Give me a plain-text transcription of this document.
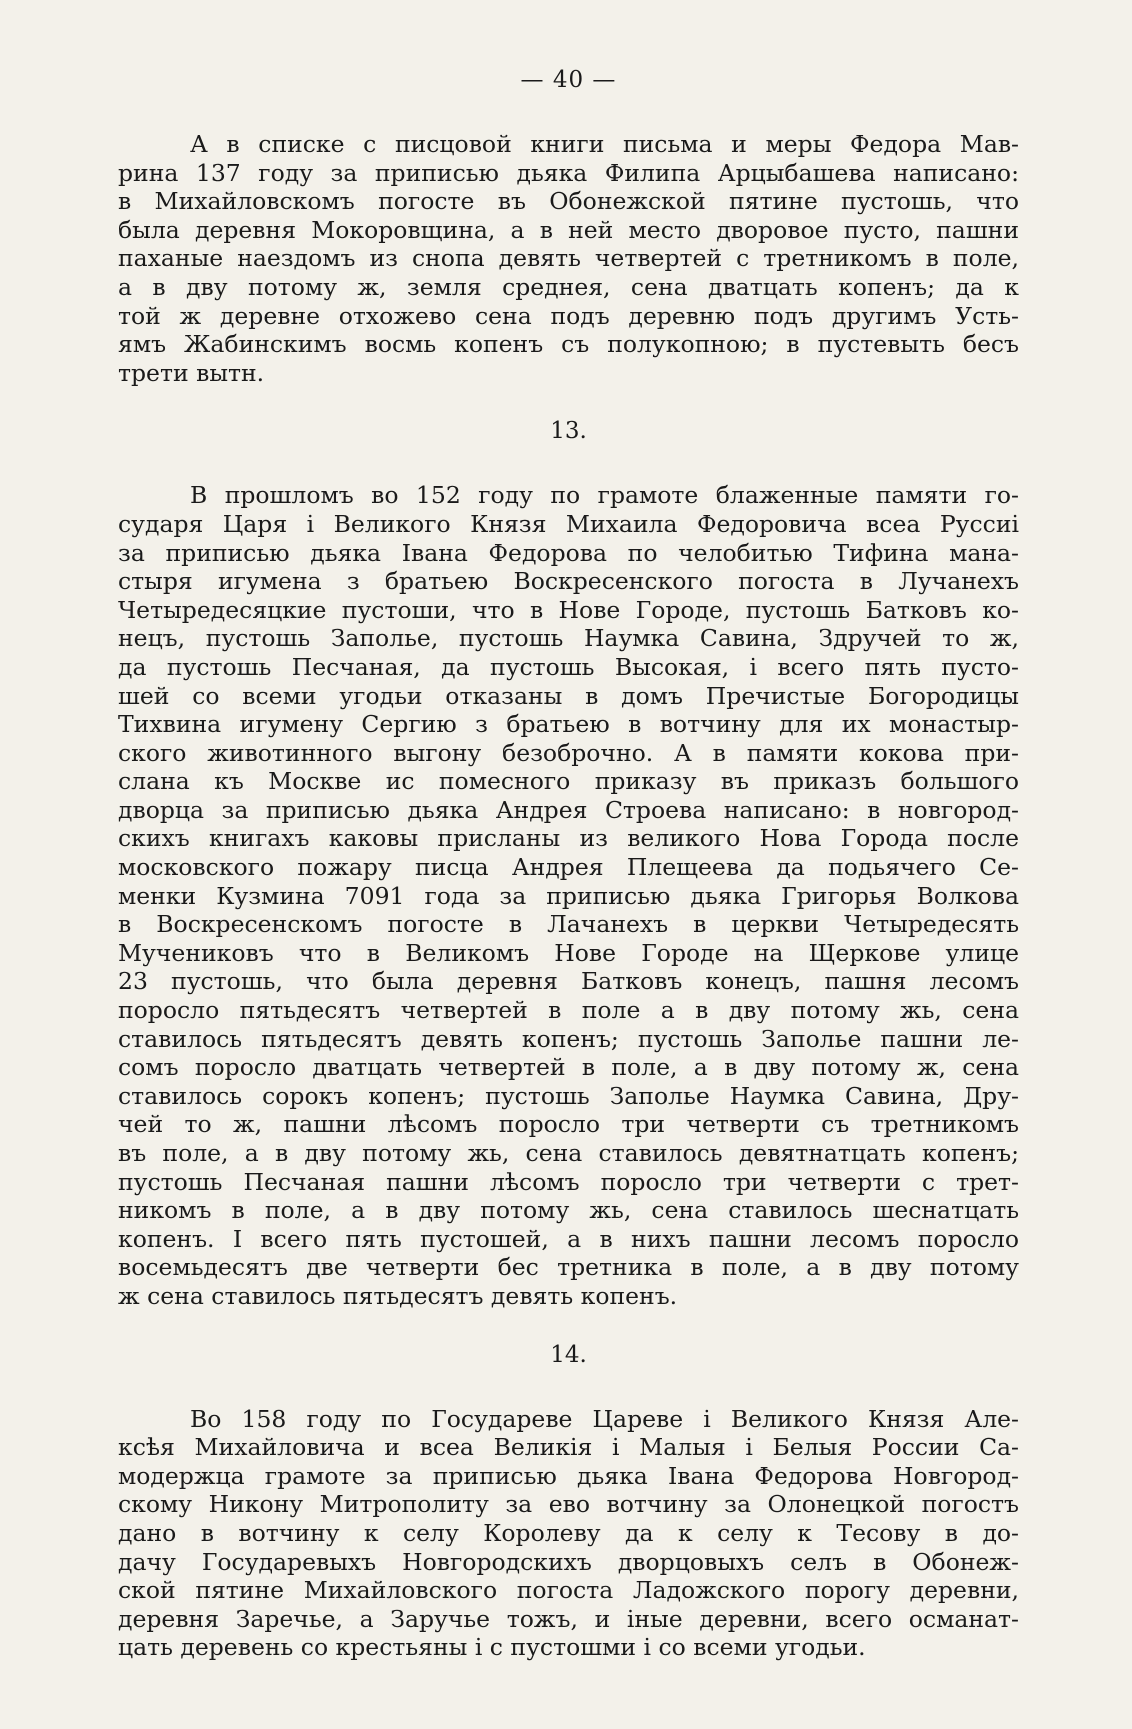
— 40 —
А в списке с писцовой книги письма и меры Федора Мав-
рина 137 году за приписью дьяка Филипа Арцыбашева написано:
в Михайловскомъ погосте въ Обонежской пятине пустошь, что
была деревня Мокоровщина, а в ней место дворовое пусто, пашни
паханые наездомъ из снопа девять четвертей с третникомъ в поле,
а в дву потому ж, земля среднея, сена дватцать копенъ; да к
той ж деревне отхожево сена подъ деревню подъ другимъ Усть-
ямъ Жабинскимъ восмь копенъ съ полукопною; в пустевыть бесъ
трети вытн.
13.
В прошломъ во 152 году по грамоте блаженные памяти го-
сударя Царя і Великого Князя Михаила Федоровича всеа Руссиі
за приписью дьяка Івана Федорова по челобитью Тифина мана-
стыря игумена з братьею Воскресенского погоста в Лучанехъ
Четыредесяцкие пустоши, что в Нове Городе, пустошь Батковъ ко-
нецъ, пустошь Заполье, пустошь Наумка Савина, Здручей то ж,
да пустошь Песчаная, да пустошь Высокая, і всего пять пусто-
шей со всеми угодьи отказаны в домъ Пречистые Богородицы
Тихвина игумену Сергию з братьею в вотчину для их монастыр-
ского животинного выгону безоброчно. А в памяти кокова при-
слана къ Москве ис помесного приказу въ приказъ большого
дворца за приписью дьяка Андрея Строева написано: в новгород-
скихъ книгахъ каковы присланы из великого Нова Города после
московского пожару писца Андрея Плещеева да подьячего Се-
менки Кузмина 7091 года за приписью дьяка Григорья Волкова
в Воскресенскомъ погосте в Лачанехъ в церкви Четыредесять
Мучениковъ что в Великомъ Нове Городе на Щеркове улице
23 пустошь, что была деревня Батковъ конецъ, пашня лесомъ
поросло пятьдесятъ четвертей в поле а в дву потому жь, сена
ставилось пятьдесятъ девять копенъ; пустошь Заполье пашни ле-
сомъ поросло дватцать четвертей в поле, а в дву потому ж, сена
ставилось сорокъ копенъ; пустошь Заполье Наумка Савина, Дру-
чей то ж, пашни лѣсомъ поросло три четверти съ третникомъ
въ поле, а в дву потому жь, сена ставилось девятнатцать копенъ;
пустошь Песчаная пашни лѣсомъ поросло три четверти с трет-
никомъ в поле, а в дву потому жь, сена ставилось шеснатцать
копенъ. І всего пять пустошей, а в нихъ пашни лесомъ поросло
восемьдесятъ две четверти бес третника в поле, а в дву потому
ж сена ставилось пятьдесятъ девять копенъ.
14.
Во 158 году по Государеве Цареве і Великого Князя Але-
ксѣя Михайловича и всеа Великія і Малыя і Белыя России Са-
модержца грамоте за приписью дьяка Івана Федорова Новгород-
скому Никону Митрополиту за ево вотчину за Олонецкой погостъ
дано в вотчину к селу Королеву да к селу к Тесову в до-
дачу Государевыхъ Новгородскихъ дворцовыхъ селъ в Обонеж-
ской пятине Михайловского погоста Ладожского порогу деревни,
деревня Заречье, а Заручье тожъ, и іные деревни, всего османат-
цать деревень со крестьяны і с пустошми і со всеми угодьи.
